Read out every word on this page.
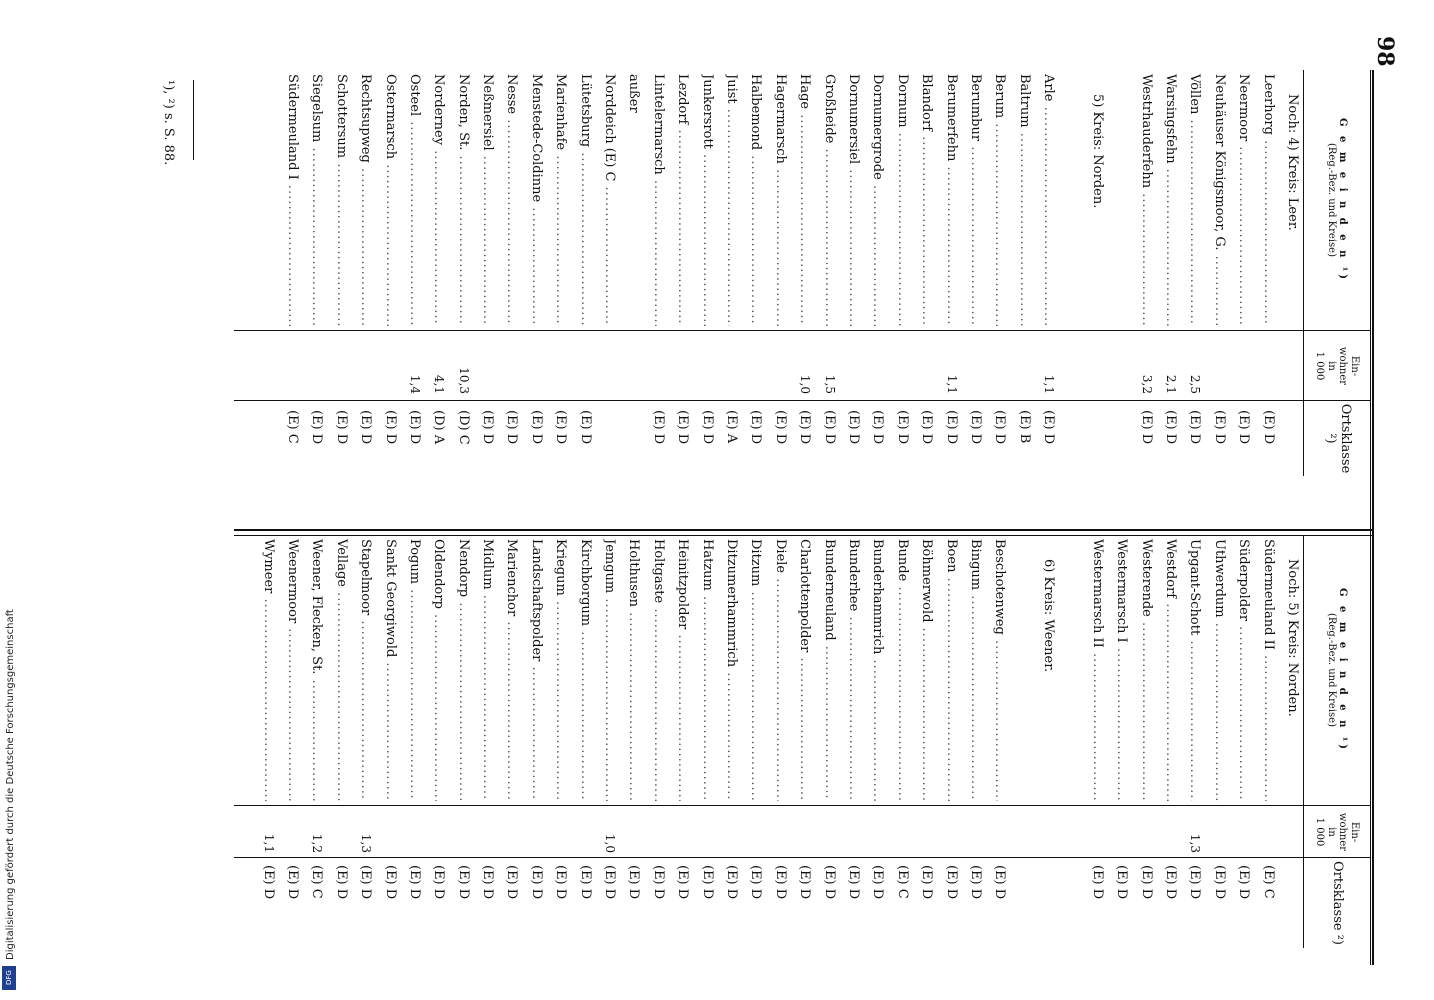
98
G e m e i n d e n ¹)
(Reg.-Bez. und Kreise)
Ein-
wohner
in
1 000
Ortsklasse ²)
Noch: 4) Kreis: Leer.
Leerhorg .....
(E) D
Neermoor .....
(E) D
Neuhäuser Königsmoor, G. .....
(E) D
Völlen .....
2,5
(E) D
Warsingsfehn .....
2,1
(E) D
Westrhauderfehn .....
3,2
(E) D
5) Kreis: Norden.
Arle .....
1,1
(E) D
Baltrum .....
(E) B
Berum .....
(E) D
Berumbur .....
(E) D
Berumerfehn .....
1,1
(E) D
Blandorf .....
(E) D
Dornum .....
(E) D
Dornumergrode .....
(E) D
Dornumersiel .....
(E) D
Großheide .....
1,5
(E) D
Hage .....
1,0
(E) D
Hagermarsch .....
(E) D
Halbemond .....
(E) D
Juist .....
(E) A
Junkersrott .....
(E) D
Lezdorf .....
(E) D
Lintelermarsch .....
(E) D
außer
Norddeich (E) C .....
Lütetsburg .....
(E) D
Marienhafe .....
(E) D
Menstede-Coldinne .....
(E) D
Nesse .....
(E) D
Neßmersiel .....
(E) D
Norden, St. .....
10,3
(D) C
Norderney .....
4,1
(D) A
Osteel .....
1,4
(E) D
Ostermarsch .....
(E) D
Rechtsupweg .....
(E) D
Schottersum .....
(E) D
Siegelsum .....
(E) D
Südermeuland I .....
(E) C
G e m e i n d e n ¹)
(Reg.-Bez. und Kreise)
Ein-
wohner
in
1 000
Ortsklasse ²)
Noch: 5) Kreis: Norden.
Südermeuland II .....
(E) C
Süderpolder .....
(E) D
Uthwerdum .....
(E) D
Upgant-Schott .....
1,3
(E) D
Westdorf .....
(E) D
Westerende .....
(E) D
Westermarsch I .....
(E) D
Westermarsch II .....
(E) D
6) Kreis: Weener.
Beschotenweg .....
(E) D
Bingum .....
(E) D
Boen .....
(E) D
Böhmerwold .....
(E) D
Bunde .....
(E) C
Bunderhammrich .....
(E) D
Bunderhee .....
(E) D
Bunderneuland .....
(E) D
Charlottenpolder .....
(E) D
Diele .....
(E) D
Ditzum .....
(E) D
Ditzumerhammrich .....
(E) D
Hatzum .....
(E) D
Heinitzpolder .....
(E) D
Holtgaste .....
(E) D
Holthusen .....
(E) D
Jemgum .....
1,0
(E) D
Kirchborgum .....
(E) D
Kriegum .....
(E) D
Landschaftspolder .....
(E) D
Marienchor .....
(E) D
Midlum .....
(E) D
Nendorp .....
(E) D
Oldendorp .....
(E) D
Pogum .....
(E) D
Sankt Georgiwold .....
(E) D
Stapelmoor .....
1,3
(E) D
Vellage .....
(E) D
Weener, Flecken, St. .....
1,2
(E) C
Weenermoor .....
(E) D
Wymeer .....
1,1
(E) D
¹), ²) s. S. 88.
Digitalisierung gefördert durch die Deutsche Forschungsgemeinschaft
DFG
